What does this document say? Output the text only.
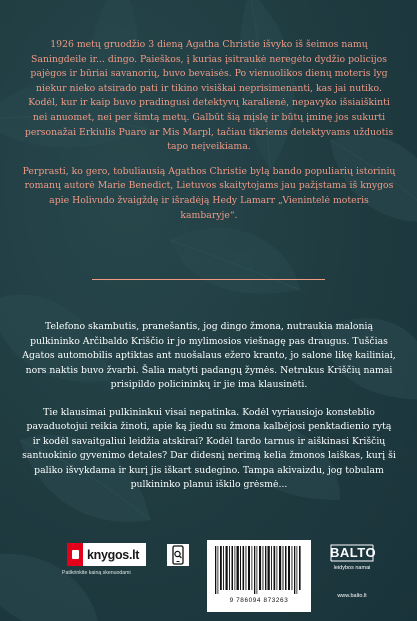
1926 metų gruodžio 3 dieną Agatha Christie išvyko iš šeimos namų Saningdeile ir... dingo. Paieškos, į kurias įsitraukė neregėto dydžio policijos pajėgos ir būriai savanorių, buvo bevaisės. Po vienuolikos dienų moteris lyg niekur nieko atsirado pati ir tikino visiškai neprisimenanti, kas jai nutiko. Kodėl, kur ir kaip buvo pradingusi detektyvų karalienė, nepavyko išsiaiškinti nei anuomet, nei per šimtą metų. Galbūt šią mįslę ir būtų įminę jos sukurti personažai Erkiulis Puaro ar Mis Marpl, tačiau tikriems detektyvams užduotis tapo neįveikiama.

Perprasti, ko gero, tobuliausią Agathos Christie bylą bando populiarių istorinių romanų autorė Marie Benedict, Lietuvos skaitytojams jau pažįstama iš knygos apie Holivudo žvaigždę ir išradėją Hedy Lamarr „Vienintelė moteris kambaryje“.

Telefono skambutis, pranešantis, jog dingo žmona, nutraukia malonią pulkininko Arčibaldo Kriščio ir jo mylimosios viešnagę pas draugus. Tuščias Agatos automobilis aptiktas ant nuošalaus ežero kranto, jo salone likę kailiniai, nors naktis buvo žvarbi. Šalia matyti padangų žymės. Netrukus Kriščių namai prisipildo policininkų ir jie ima klausinėti.

Tie klausimai pulkininkui visai nepatinka. Kodėl vyriausiojo konsteblio pavaduotojui reikia žinoti, apie ką jiedu su žmona kalbėjosi penktadienio rytą ir kodėl savaitgaliui leidžia atskirai? Kodėl tardo tarnus ir aiškinasi Kriščių santuokinio gyvenimo detales? Dar didesnį nerimą kelia žmonos laiškas, kurį ši paliko išvykdama ir kurį jis iškart sudegino. Tampa akivaizdu, jog tobulam pulkininko planui iškilo grėsmė...

knygos.lt
Patikrinkite kainą skenuodami
9 786094 873263
BALTO
leidybos namai
www.balto.lt
